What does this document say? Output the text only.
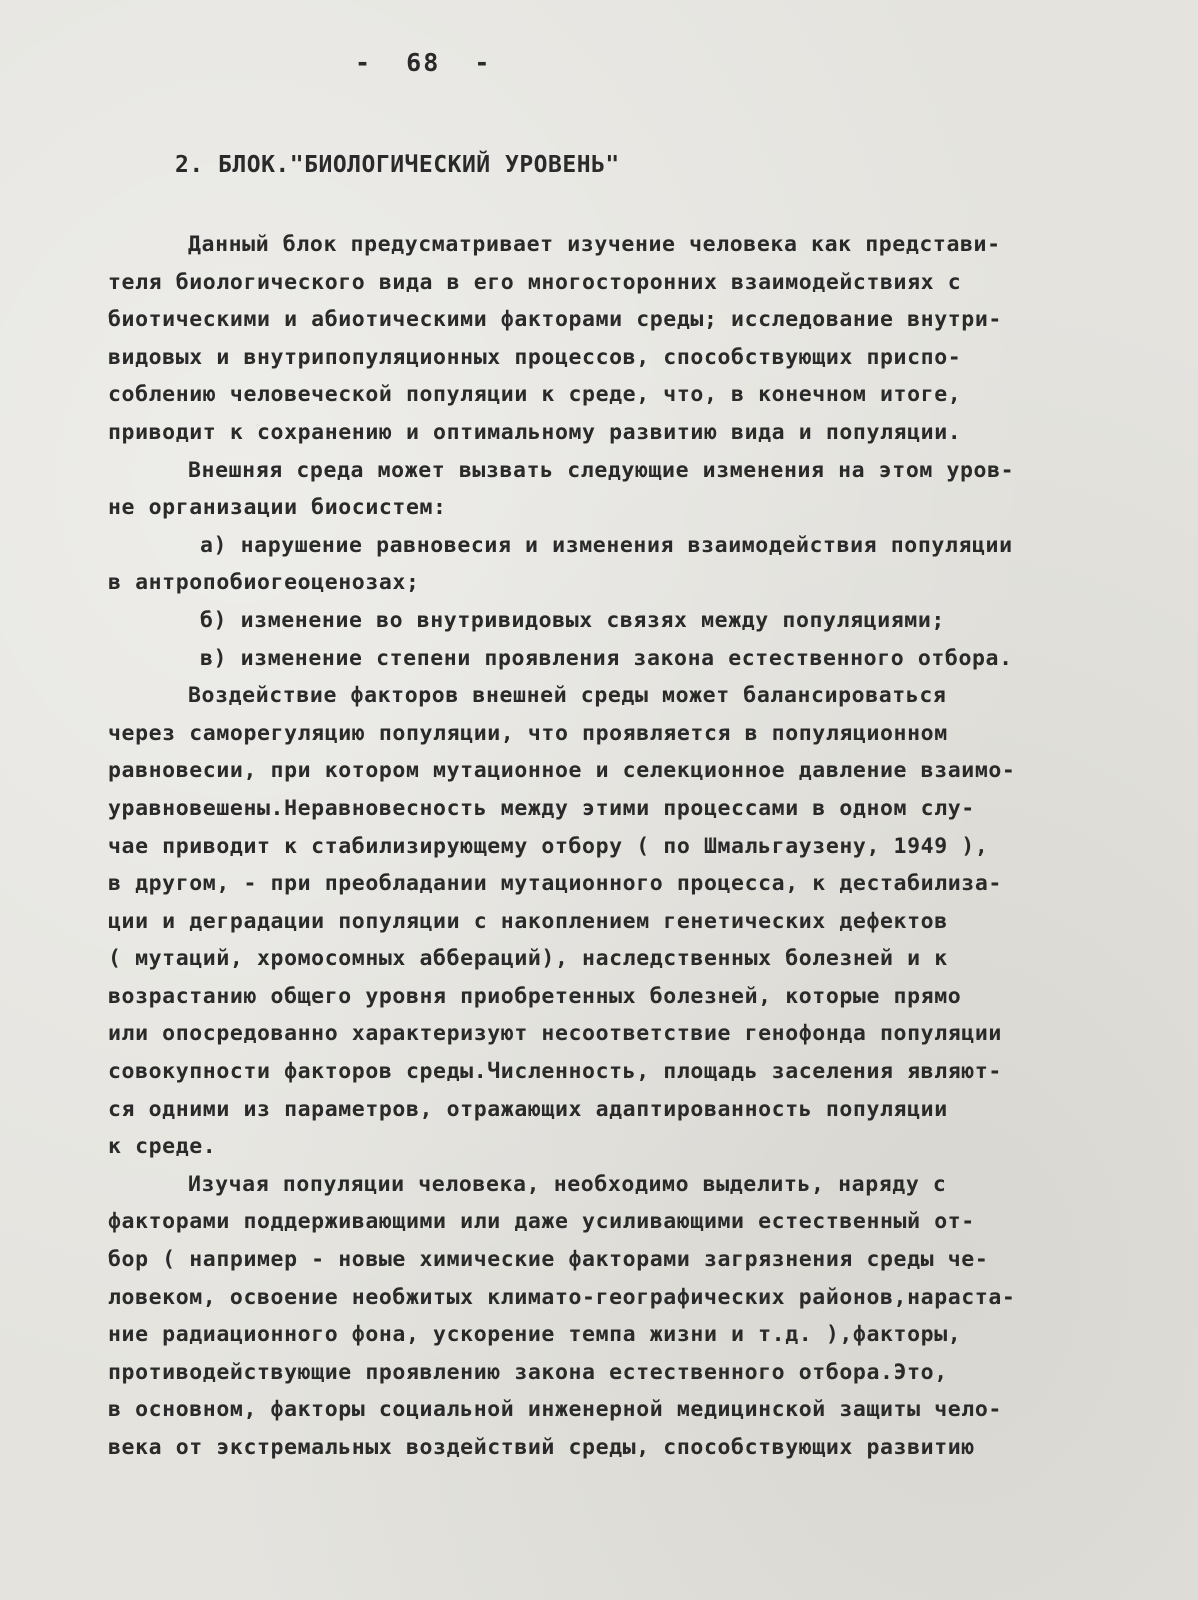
-  68  -
2. БЛОК."БИОЛОГИЧЕСКИЙ УРОВЕНЬ"
Данный блок предусматривает изучение человека как представи-
теля биологического вида в его многосторонних взаимодействиях с
биотическими и абиотическими факторами среды; исследование внутри-
видовых и внутрипопуляционных процессов, способствующих приспо-
соблению человеческой популяции к среде, что, в конечном итоге,
приводит к сохранению и оптимальному развитию вида и популяции.
Внешняя среда может вызвать следующие изменения на этом уров-
не организации биосистем:
а) нарушение равновесия и изменения взаимодействия популяции
в антропобиогеоценозах;
б) изменение во внутривидовых связях между популяциями;
в) изменение степени проявления закона естественного отбора.
Воздействие факторов внешней среды может балансироваться
через саморегуляцию популяции, что проявляется в популяционном
равновесии, при котором мутационное и селекционное давление взаимо-
уравновешены.Неравновесность между этими процессами в одном слу-
чае приводит к стабилизирующему отбору ( по Шмальгаузену, 1949 ),
в другом, - при преобладании мутационного процесса, к дестабилиза-
ции и деградации популяции с накоплением генетических дефектов
( мутаций, хромосомных аббераций), наследственных болезней и к
возрастанию общего уровня приобретенных болезней, которые прямо
или опосредованно характеризуют несоответствие генофонда популяции
совокупности факторов среды.Численность, площадь заселения являют-
ся одними из параметров, отражающих адаптированность популяции
к среде.
Изучая популяции человека, необходимо выделить, наряду с
факторами поддерживающими или даже усиливающими естественный от-
бор ( например - новые химические факторами загрязнения среды че-
ловеком, освоение необжитых климато-географических районов,нараста-
ние радиационного фона, ускорение темпа жизни и т.д. ),факторы,
противодействующие проявлению закона естественного отбора.Это,
в основном, факторы социальной инженерной медицинской защиты чело-
века от экстремальных воздействий среды, способствующих развитию
